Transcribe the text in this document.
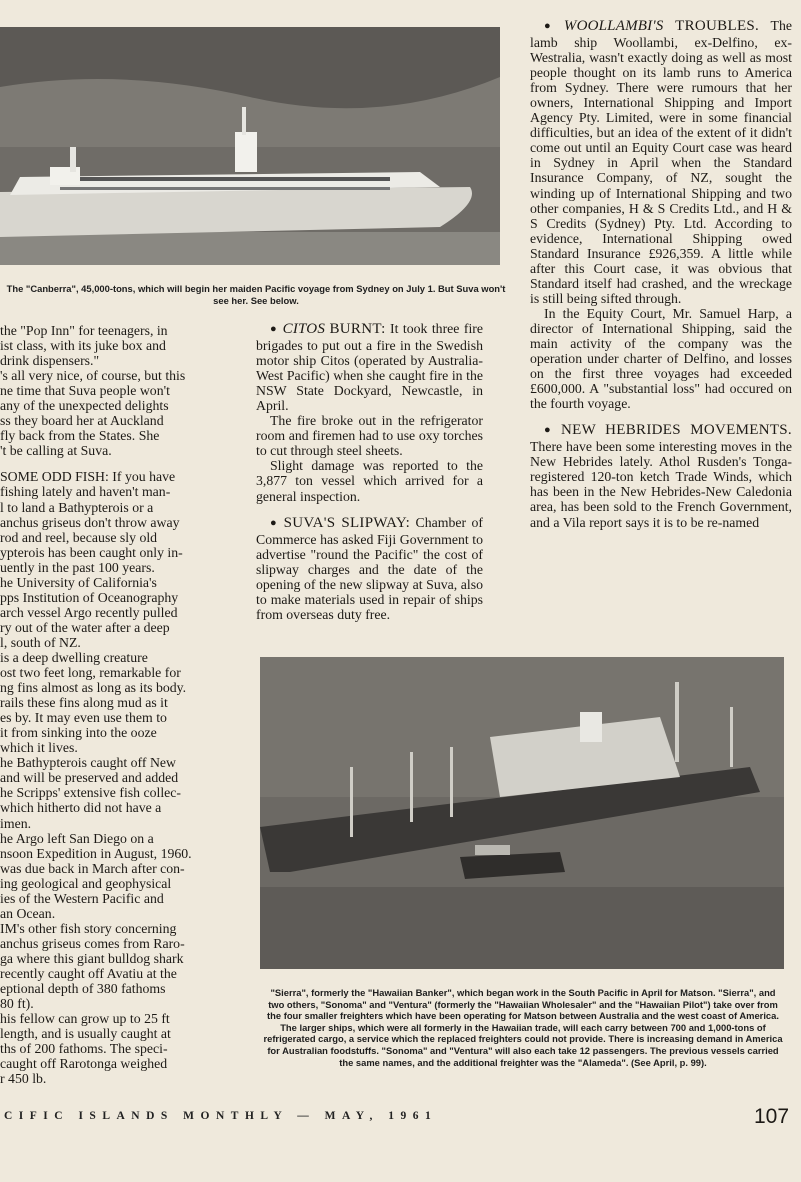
The "Canberra", 45,000-tons, which will begin her maiden Pacific voyage from Sydney on July 1. But Suva won't see her. See below.
the "Pop Inn" for teenagers, in
ist class, with its juke box and
drink dispensers."
's all very nice, of course, but this
ne time that Suva people won't
any of the unexpected delights
ss they board her at Auckland
fly back from the States. She
't be calling at Suva.
SOME ODD FISH: If you have
fishing lately and haven't man-
l to land a Bathypterois or a
anchus griseus don't throw away
rod and reel, because sly old
ypterois has been caught only in-
uently in the past 100 years.
he University of California's
pps Institution of Oceanography
arch vessel Argo recently pulled
ry out of the water after a deep
l, south of NZ.
is a deep dwelling creature
ost two feet long, remarkable for
ng fins almost as long as its body.
rails these fins along mud as it
es by. It may even use them to
it from sinking into the ooze
which it lives.
he Bathypterois caught off New
and will be preserved and added
he Scripps' extensive fish collec-
which hitherto did not have a
imen.
he Argo left San Diego on a
nsoon Expedition in August, 1960.
was due back in March after con-
ing geological and geophysical
ies of the Western Pacific and
an Ocean.
IM's other fish story concerning
anchus griseus comes from Raro-
ga where this giant bulldog shark
recently caught off Avatiu at the
eptional depth of 380 fathoms
80 ft).
his fellow can grow up to 25 ft
length, and is usually caught at
ths of 200 fathoms. The speci-
caught off Rarotonga weighed
r 450 lb.

● CITOS BURNT: It took three fire brigades to put out a fire in the Swedish motor ship Citos (operated by Australia-West Pacific) when she caught fire in the NSW State Dockyard, Newcastle, in April.

The fire broke out in the refrigerator room and firemen had to use oxy torches to cut through steel sheets.

Slight damage was reported to the 3,877 ton vessel which arrived for a general inspection.

● SUVA'S SLIPWAY: Chamber of Commerce has asked Fiji Government to advertise "round the Pacific" the cost of slipway charges and the date of the opening of the new slipway at Suva, also to make materials used in repair of ships from overseas duty free.

● WOOLLAMBI'S TROUBLES. The lamb ship Woollambi, ex-Delfino, ex-Westralia, wasn't exactly doing as well as most people thought on its lamb runs to America from Sydney. There were rumours that her owners, International Shipping and Import Agency Pty. Limited, were in some financial difficulties, but an idea of the extent of it didn't come out until an Equity Court case was heard in Sydney in April when the Standard Insurance Company, of NZ, sought the winding up of International Shipping and two other companies, H & S Credits Ltd., and H & S Credits (Sydney) Pty. Ltd. According to evidence, International Shipping owed Standard Insurance £926,359. A little while after this Court case, it was obvious that Standard itself had crashed, and the wreckage is still being sifted through.

In the Equity Court, Mr. Samuel Harp, a director of International Shipping, said the main activity of the company was the operation under charter of Delfino, and losses on the first three voyages had exceeded £600,000. A "substantial loss" had occured on the fourth voyage.

● NEW HEBRIDES MOVEMENTS. There have been some interesting moves in the New Hebrides lately. Athol Rusden's Tonga-registered 120-ton ketch Trade Winds, which has been in the New Hebrides-New Caledonia area, has been sold to the French Government, and a Vila report says it is to be re-named

"Sierra", formerly the "Hawaiian Banker", which began work in the South Pacific in April for Matson. "Sierra", and two others, "Sonoma" and "Ventura" (formerly the "Hawaiian Wholesaler" and the "Hawaiian Pilot") take over from the four smaller freighters which have been operating for Matson between Australia and the west coast of America. The larger ships, which were all formerly in the Hawaiian trade, will each carry between 700 and 1,000-tons of refrigerated cargo, a service which the replaced freighters could not provide. There is increasing demand in America for Australian foodstuffs. "Sonoma" and "Ventura" will also each take 12 passengers. The previous vessels carried the same names, and the additional freighter was the "Alameda". (See April, p. 99).
CIFIC ISLANDS MONTHLY — MAY, 1961	107
